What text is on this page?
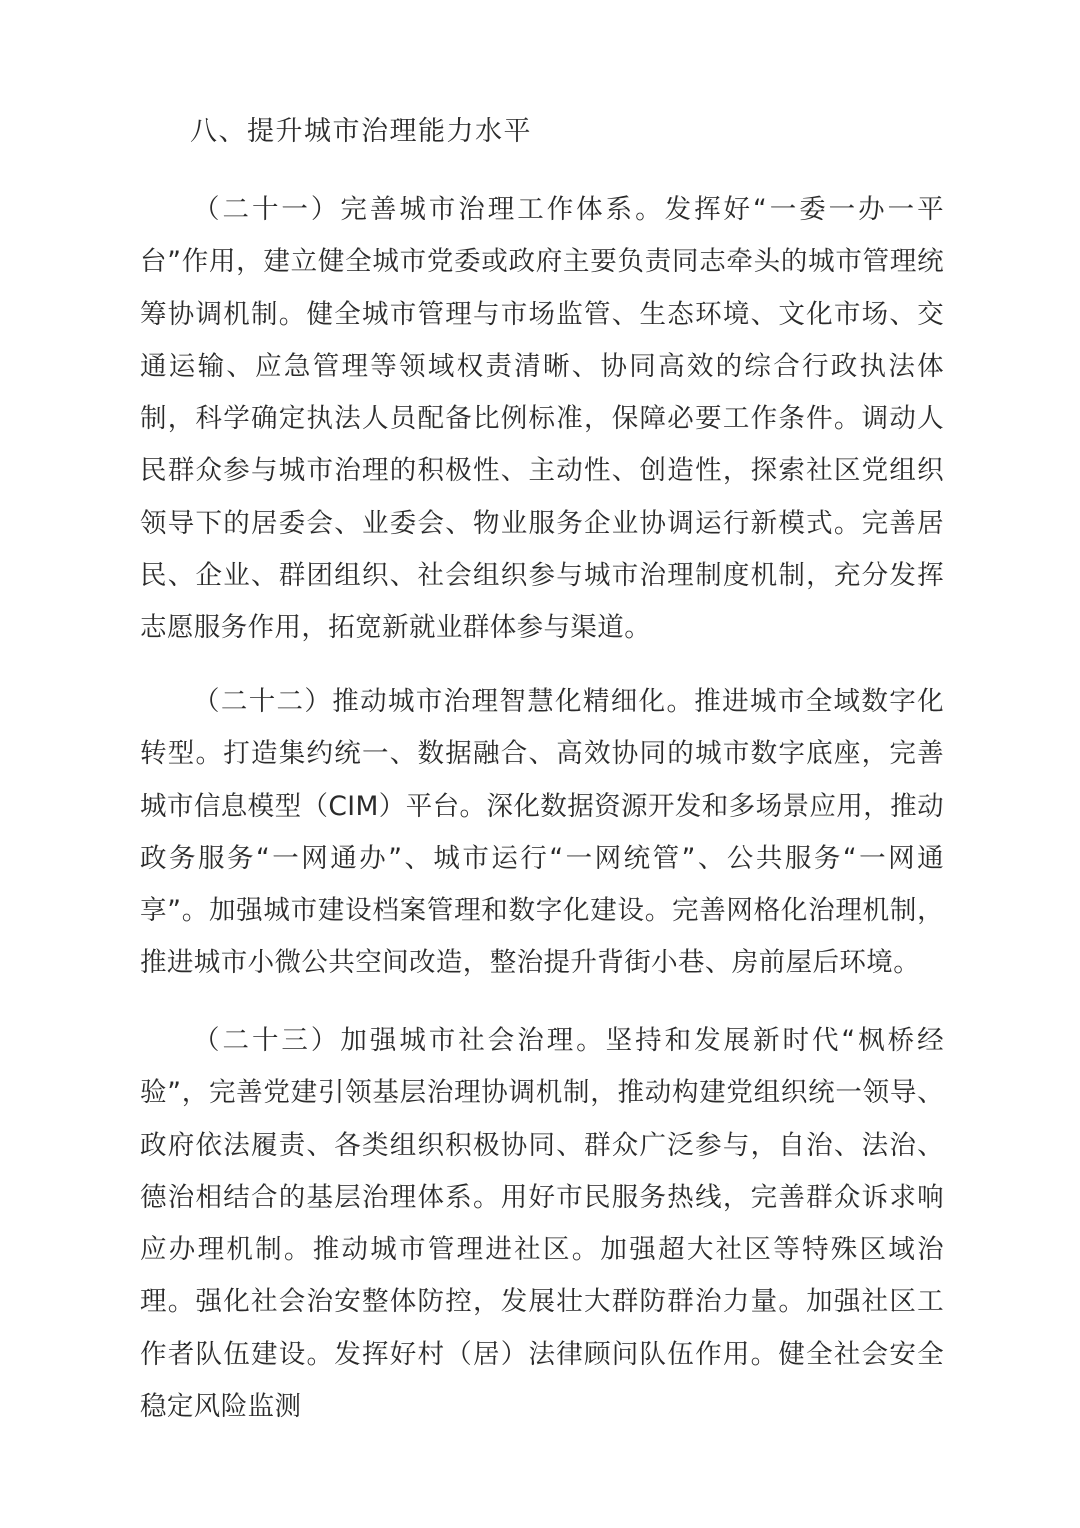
八、提升城市治理能力水平

（二十一）完善城市治理工作体系。发挥好“一委一办一平台”作用，建立健全城市党委或政府主要负责同志牵头的城市管理统筹协调机制。健全城市管理与市场监管、生态环境、文化市场、交通运输、应急管理等领域权责清晰、协同高效的综合行政执法体制，科学确定执法人员配备比例标准，保障必要工作条件。调动人民群众参与城市治理的积极性、主动性、创造性，探索社区党组织领导下的居委会、业委会、物业服务企业协调运行新模式。完善居民、企业、群团组织、社会组织参与城市治理制度机制，充分发挥志愿服务作用，拓宽新就业群体参与渠道。

（二十二）推动城市治理智慧化精细化。推进城市全域数字化转型。打造集约统一、数据融合、高效协同的城市数字底座，完善城市信息模型（CIM）平台。深化数据资源开发和多场景应用，推动政务服务“一网通办”、城市运行“一网统管”、公共服务“一网通享”。加强城市建设档案管理和数字化建设。完善网格化治理机制，推进城市小微公共空间改造，整治提升背街小巷、房前屋后环境。

（二十三）加强城市社会治理。坚持和发展新时代“枫桥经验”，完善党建引领基层治理协调机制，推动构建党组织统一领导、政府依法履责、各类组织积极协同、群众广泛参与，自治、法治、德治相结合的基层治理体系。用好市民服务热线，完善群众诉求响应办理机制。推动城市管理进社区。加强超大社区等特殊区域治理。强化社会治安整体防控，发展壮大群防群治力量。加强社区工作者队伍建设。发挥好村（居）法律顾问队伍作用。健全社会安全稳定风险监测
